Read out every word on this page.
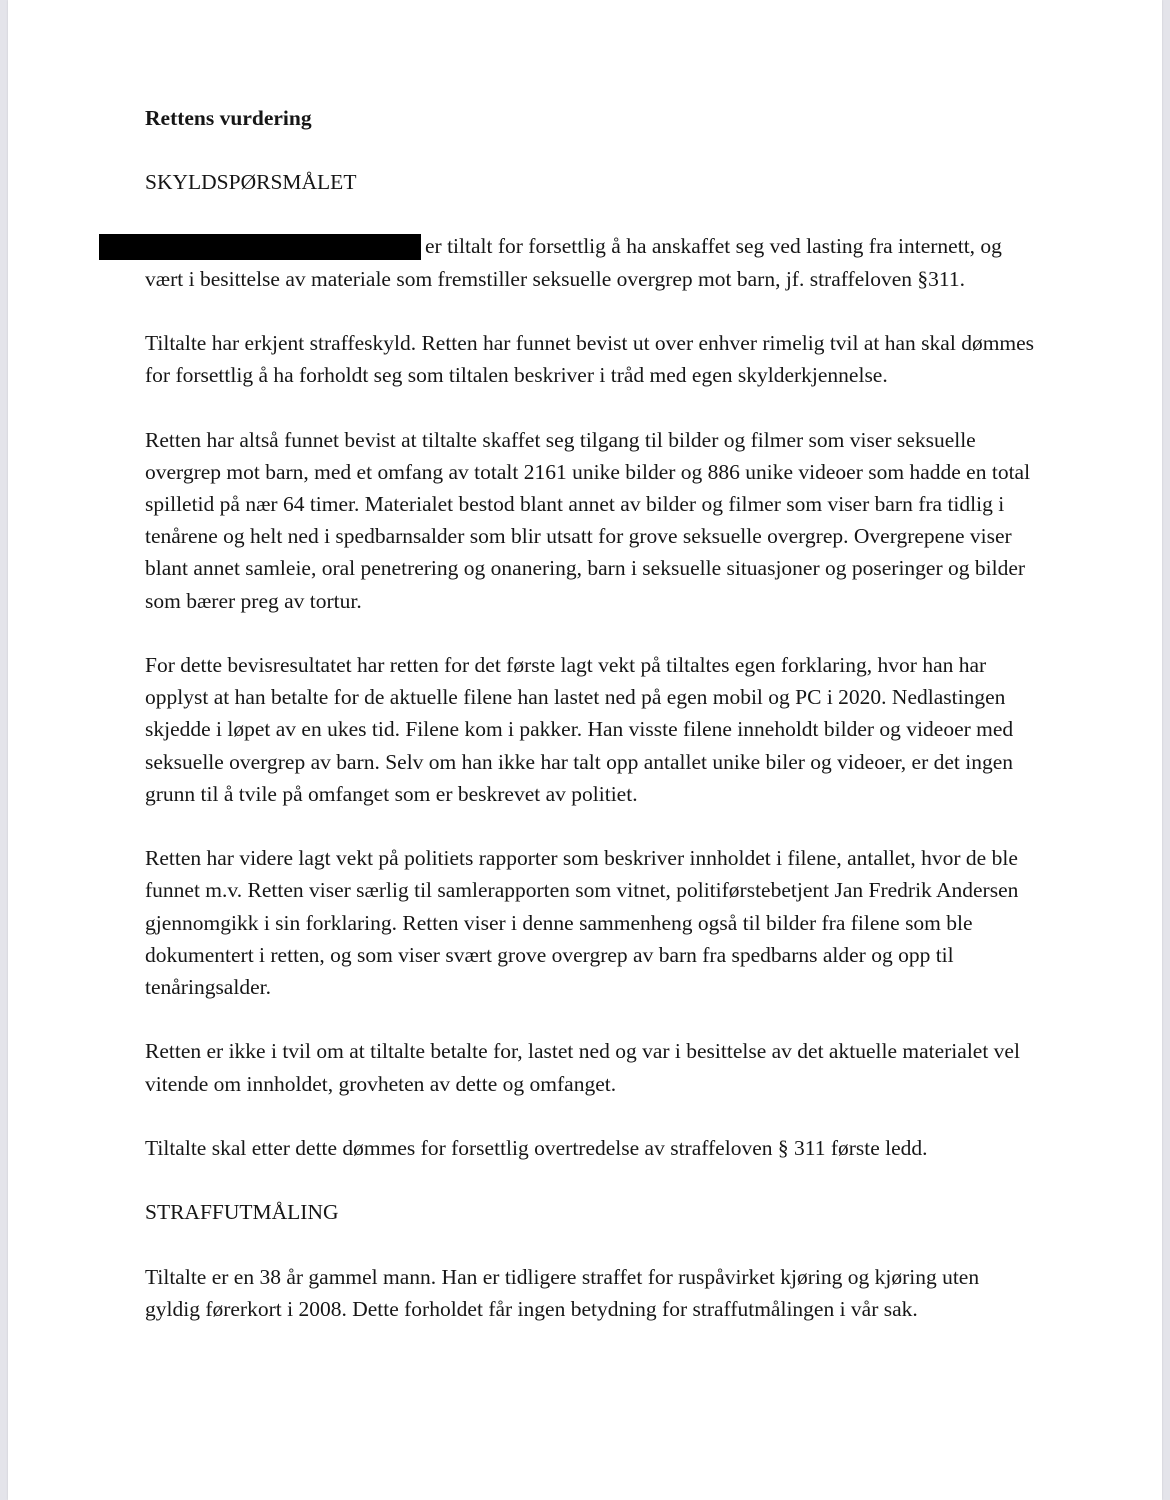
Rettens vurdering
SKYLDSPØRSMÅLET

er tiltalt for forsettlig å ha anskaffet seg ved lasting fra internett, og vært i besittelse av materiale som fremstiller seksuelle overgrep mot barn, jf. straffeloven §311.

Tiltalte har erkjent straffeskyld. Retten har funnet bevist ut over enhver rimelig tvil at han skal dømmes for forsettlig å ha forholdt seg som tiltalen beskriver i tråd med egen skylderkjennelse.

Retten har altså funnet bevist at tiltalte skaffet seg tilgang til bilder og filmer som viser seksuelle overgrep mot barn, med et omfang av totalt 2161 unike bilder og 886 unike videoer som hadde en total spilletid på nær 64 timer. Materialet bestod blant annet av bilder og filmer som viser barn fra tidlig i tenårene og helt ned i spedbarnsalder som blir utsatt for grove seksuelle overgrep. Overgrepene viser blant annet samleie, oral penetrering og onanering, barn i seksuelle situasjoner og poseringer og bilder som bærer preg av tortur.

For dette bevisresultatet har retten for det første lagt vekt på tiltaltes egen forklaring, hvor han har opplyst at han betalte for de aktuelle filene han lastet ned på egen mobil og PC i 2020. Nedlastingen skjedde i løpet av en ukes tid. Filene kom i pakker. Han visste filene inneholdt bilder og videoer med seksuelle overgrep av barn. Selv om han ikke har talt opp antallet unike biler og videoer, er det ingen grunn til å tvile på omfanget som er beskrevet av politiet.

Retten har videre lagt vekt på politiets rapporter som beskriver innholdet i filene, antallet, hvor de ble funnet m.v. Retten viser særlig til samlerapporten som vitnet, politiførstebetjent Jan Fredrik Andersen gjennomgikk i sin forklaring. Retten viser i denne sammenheng også til bilder fra filene som ble dokumentert i retten, og som viser svært grove overgrep av barn fra spedbarns alder og opp til tenåringsalder.

Retten er ikke i tvil om at tiltalte betalte for, lastet ned og var i besittelse av det aktuelle materialet vel vitende om innholdet, grovheten av dette og omfanget.

Tiltalte skal etter dette dømmes for forsettlig overtredelse av straffeloven § 311 første ledd.

STRAFFUTMÅLING

Tiltalte er en 38 år gammel mann. Han er tidligere straffet for ruspåvirket kjøring og kjøring uten gyldig førerkort i 2008. Dette forholdet får ingen betydning for straffutmålingen i vår sak.
